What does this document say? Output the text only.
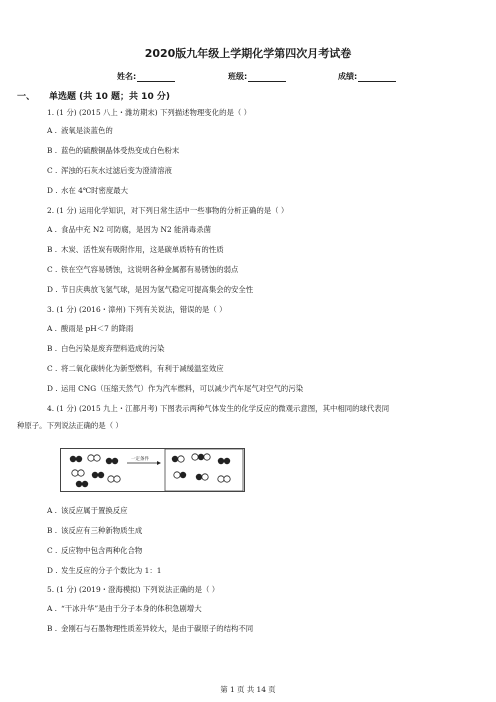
2020版九年级上学期化学第四次月考试卷
姓名:	班级:	成绩:
一、 单选题 (共 10 题；共 10 分)
1. (1 分) (2015 八上・潍坊期末) 下列描述物理变化的是（ ）
A . 液氧是淡蓝色的
B . 蓝色的硫酸铜晶体受热变成白色粉末
C . 浑浊的石灰水过滤后变为澄清溶液
D . 水在 4℃时密度最大
2. (1 分) 运用化学知识，对下列日常生活中一些事物的分析正确的是（ ）
A . 食品中充 N2 可防腐，是因为 N2 能消毒杀菌
B . 木炭、活性炭有吸附作用，这是碳单质特有的性质
C . 铁在空气容易锈蚀，这说明各种金属都有易锈蚀的弱点
D . 节日庆典放飞氢气球，是因为氢气稳定可提高集会的安全性
3. (1 分) (2016・漳州) 下列有关说法，错误的是（ ）
A . 酸雨是 pH＜7 的降雨
B . 白色污染是废弃塑料造成的污染
C . 将二氧化碳转化为新型燃料，有利于减缓温室效应
D . 运用 CNG（压缩天然气）作为汽车燃料，可以减少汽车尾气对空气的污染
4. (1 分) (2015 九上・江都月考) 下图表示两种气体发生的化学反应的微观示意图，其中相同的球代表同
种原子。下列说法正确的是（ ）
一定条件
A . 该反应属于置换反应
B . 该反应有三种新物质生成
C . 反应物中包含两种化合物
D . 发生反应的分子个数比为 1：1
5. (1 分) (2019・澄海模拟) 下列说法正确的是（ ）
A . “干冰升华”是由于分子本身的体积急剧增大
B . 金刚石与石墨物理性质差异较大，是由于碳原子的结构不同
第 1 页 共 14 页
